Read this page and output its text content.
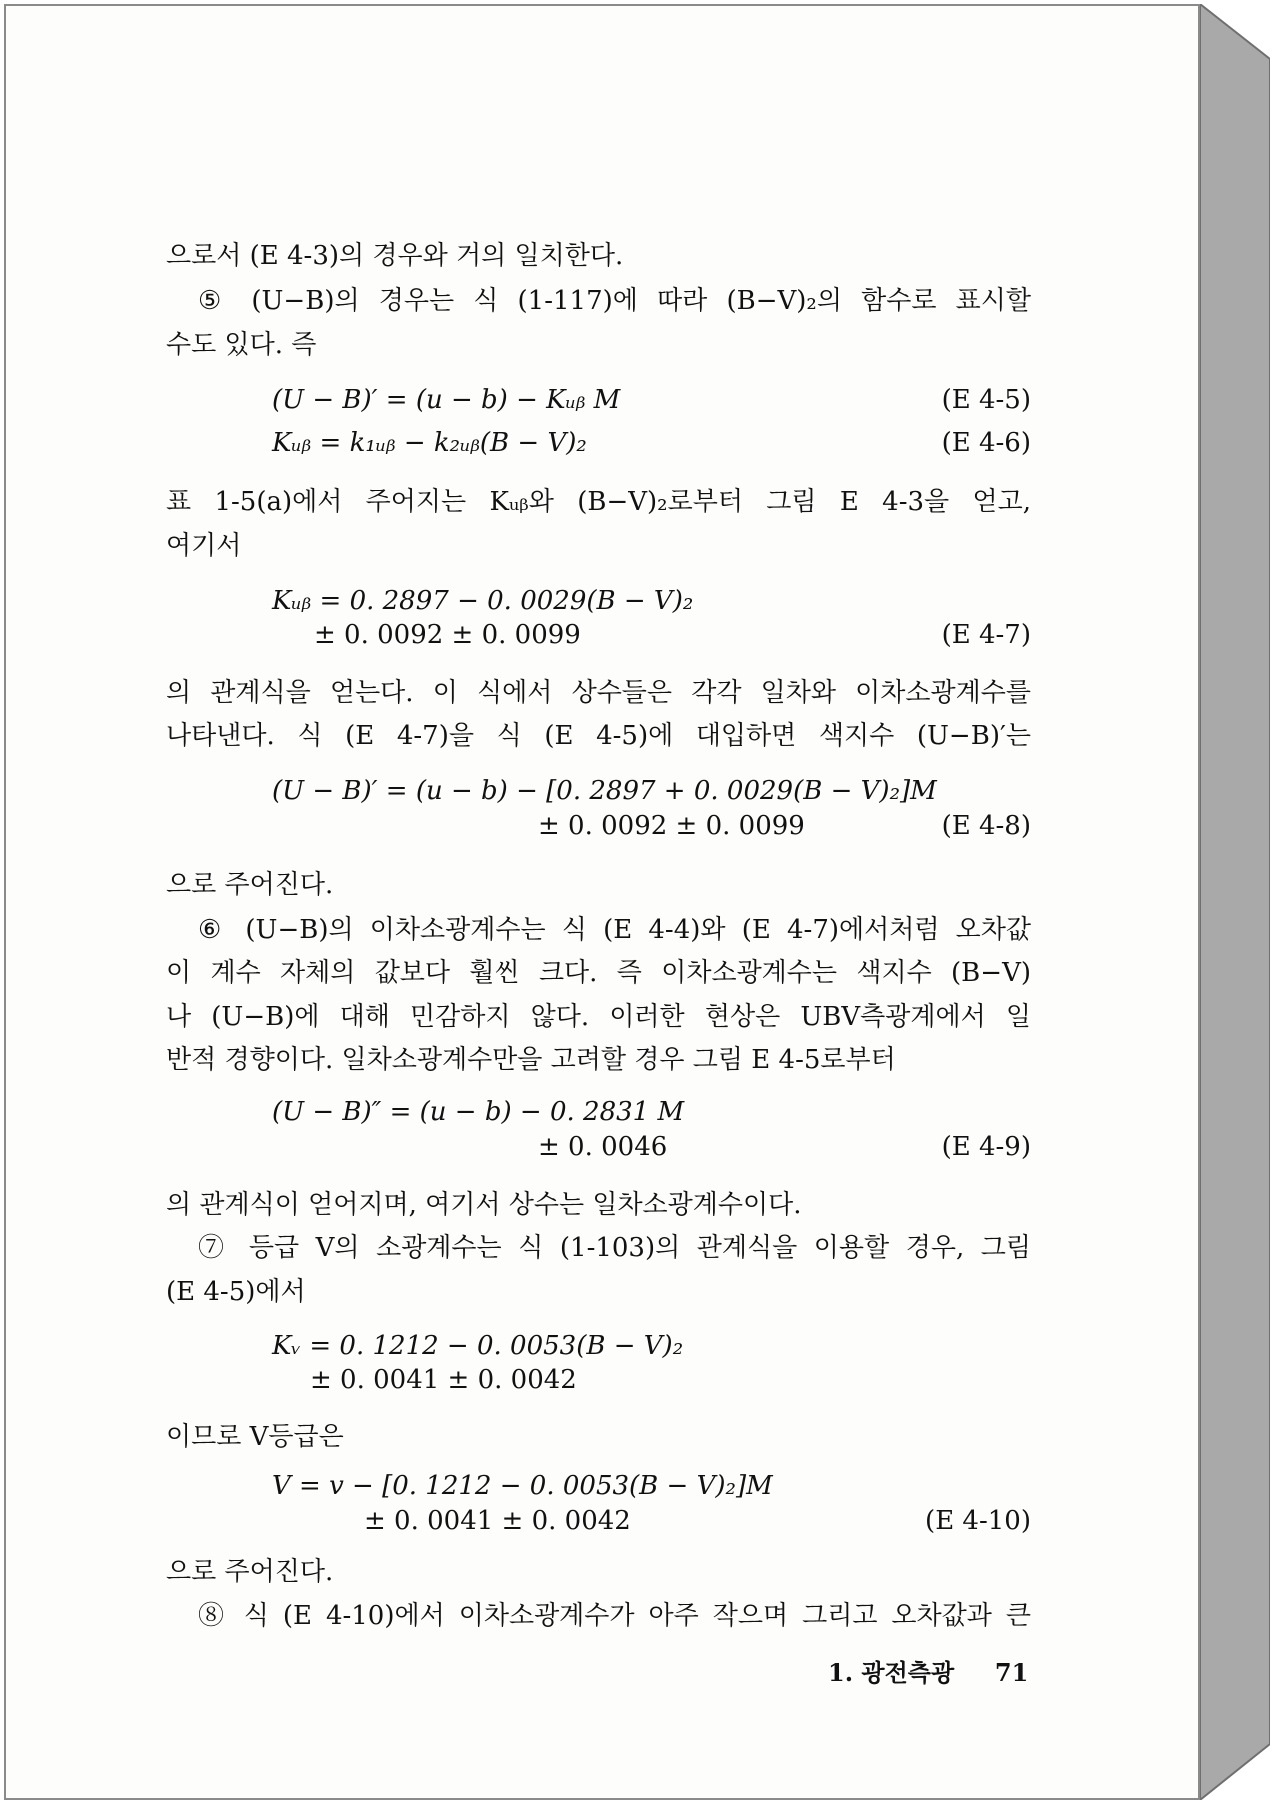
으로서 (E 4-3)의 경우와 거의 일치한다.
⑤ (U−B)의 경우는 식 (1-117)에 따라 (B−V)₂의 함수로 표시할
수도 있다. 즉
(U − B)′ = (u − b) − Kᵤᵦ M	(E 4-5)
Kᵤᵦ = k₁ᵤᵦ − k₂ᵤᵦ(B − V)₂	(E 4-6)
표 1-5(a)에서 주어지는 Kᵤᵦ와 (B−V)₂로부터 그림 E 4-3을 얻고,
여기서
Kᵤᵦ = 0. 2897 − 0. 0029(B − V)₂
± 0. 0092 ± 0. 0099	(E 4-7)
의 관계식을 얻는다. 이 식에서 상수들은 각각 일차와 이차소광계수를
나타낸다. 식 (E 4-7)을 식 (E 4-5)에 대입하면 색지수 (U−B)′는
(U − B)′ = (u − b) − [0. 2897 + 0. 0029(B − V)₂]M
± 0. 0092 ± 0. 0099	(E 4-8)
으로 주어진다.
⑥ (U−B)의 이차소광계수는 식 (E 4-4)와 (E 4-7)에서처럼 오차값
이 계수 자체의 값보다 훨씬 크다. 즉 이차소광계수는 색지수 (B−V)
나 (U−B)에 대해 민감하지 않다. 이러한 현상은 UBV측광계에서 일
반적 경향이다. 일차소광계수만을 고려할 경우 그림 E 4-5로부터
(U − B)″ = (u − b) − 0. 2831 M
± 0. 0046	(E 4-9)
의 관계식이 얻어지며, 여기서 상수는 일차소광계수이다.
⑦ 등급 V의 소광계수는 식 (1-103)의 관계식을 이용할 경우, 그림
(E 4-5)에서
Kᵥ = 0. 1212 − 0. 0053(B − V)₂
± 0. 0041 ± 0. 0042
이므로 V등급은
V = v − [0. 1212 − 0. 0053(B − V)₂]M
± 0. 0041 ± 0. 0042	(E 4-10)
으로 주어진다.
⑧ 식 (E 4-10)에서 이차소광계수가 아주 작으며 그리고 오차값과 큰
1. 광전측광 71
